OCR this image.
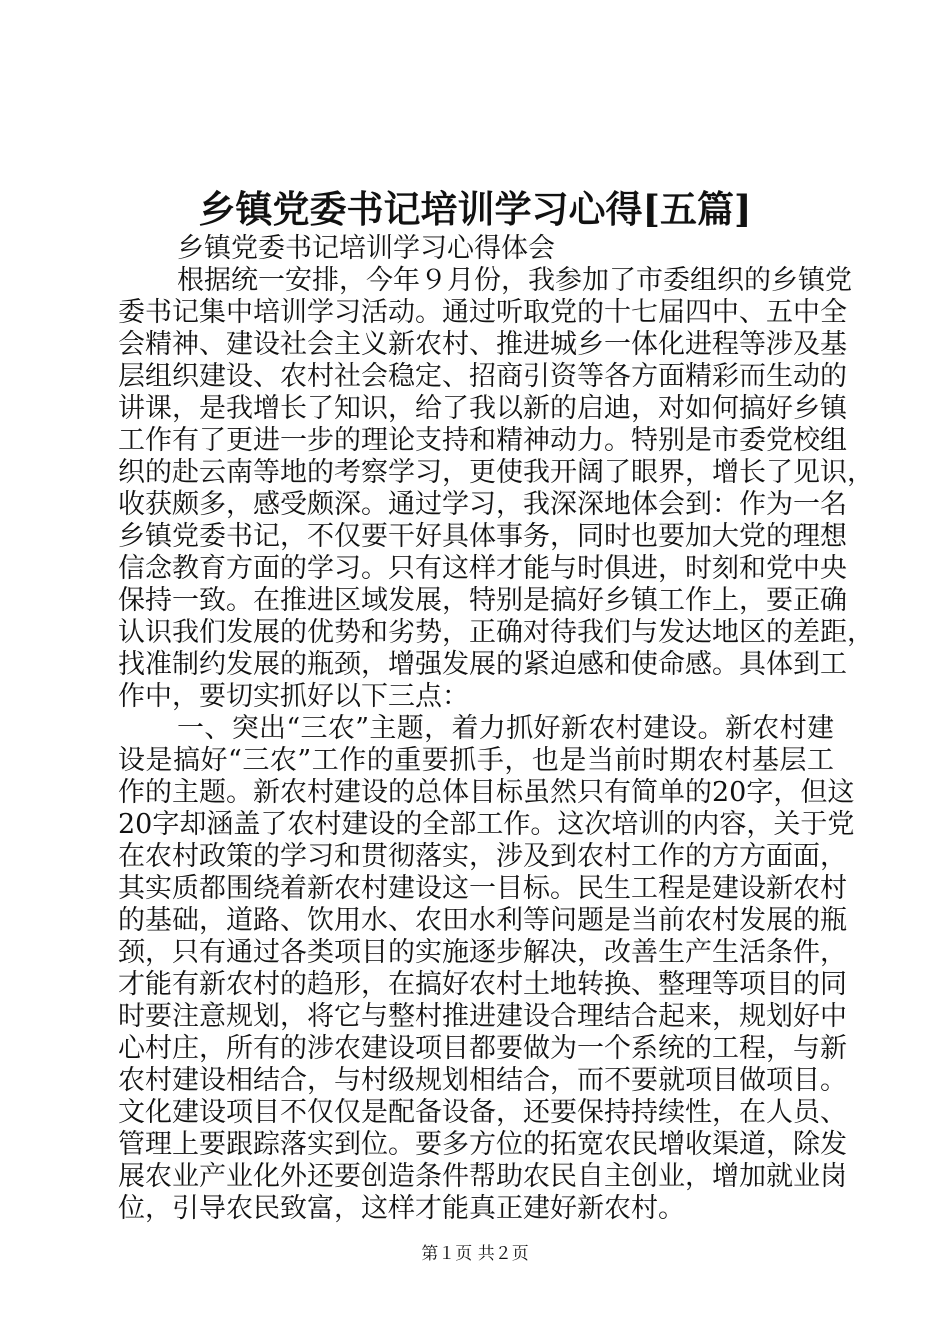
乡镇党委书记培训学习心得[五篇]
乡镇党委书记培训学习心得体会
根据统一安排，今年９月份，我参加了市委组织的乡镇党
委书记集中培训学习活动。通过听取党的十七届四中、五中全
会精神、建设社会主义新农村、推进城乡一体化进程等涉及基
层组织建设、农村社会稳定、招商引资等各方面精彩而生动的
讲课，是我增长了知识，给了我以新的启迪，对如何搞好乡镇
工作有了更进一步的理论支持和精神动力。特别是市委党校组
织的赴云南等地的考察学习，更使我开阔了眼界，增长了见识，
收获颇多，感受颇深。通过学习，我深深地体会到：作为一名
乡镇党委书记，不仅要干好具体事务，同时也要加大党的理想
信念教育方面的学习。只有这样才能与时俱进，时刻和党中央
保持一致。在推进区域发展，特别是搞好乡镇工作上，要正确
认识我们发展的优势和劣势，正确对待我们与发达地区的差距，
找准制约发展的瓶颈，增强发展的紧迫感和使命感。具体到工
作中，要切实抓好以下三点：
一、突出“三农”主题，着力抓好新农村建设。新农村建
设是搞好“三农”工作的重要抓手，也是当前时期农村基层工
作的主题。新农村建设的总体目标虽然只有简单的20字，但这
20字却涵盖了农村建设的全部工作。这次培训的内容，关于党
在农村政策的学习和贯彻落实，涉及到农村工作的方方面面，
其实质都围绕着新农村建设这一目标。民生工程是建设新农村
的基础，道路、饮用水、农田水利等问题是当前农村发展的瓶
颈，只有通过各类项目的实施逐步解决，改善生产生活条件，
才能有新农村的趋形，在搞好农村土地转换、整理等项目的同
时要注意规划，将它与整村推进建设合理结合起来，规划好中
心村庄，所有的涉农建设项目都要做为一个系统的工程，与新
农村建设相结合，与村级规划相结合，而不要就项目做项目。
文化建设项目不仅仅是配备设备，还要保持持续性，在人员、
管理上要跟踪落实到位。要多方位的拓宽农民增收渠道，除发
展农业产业化外还要创造条件帮助农民自主创业，增加就业岗
位，引导农民致富，这样才能真正建好新农村。
第１页 共２页
